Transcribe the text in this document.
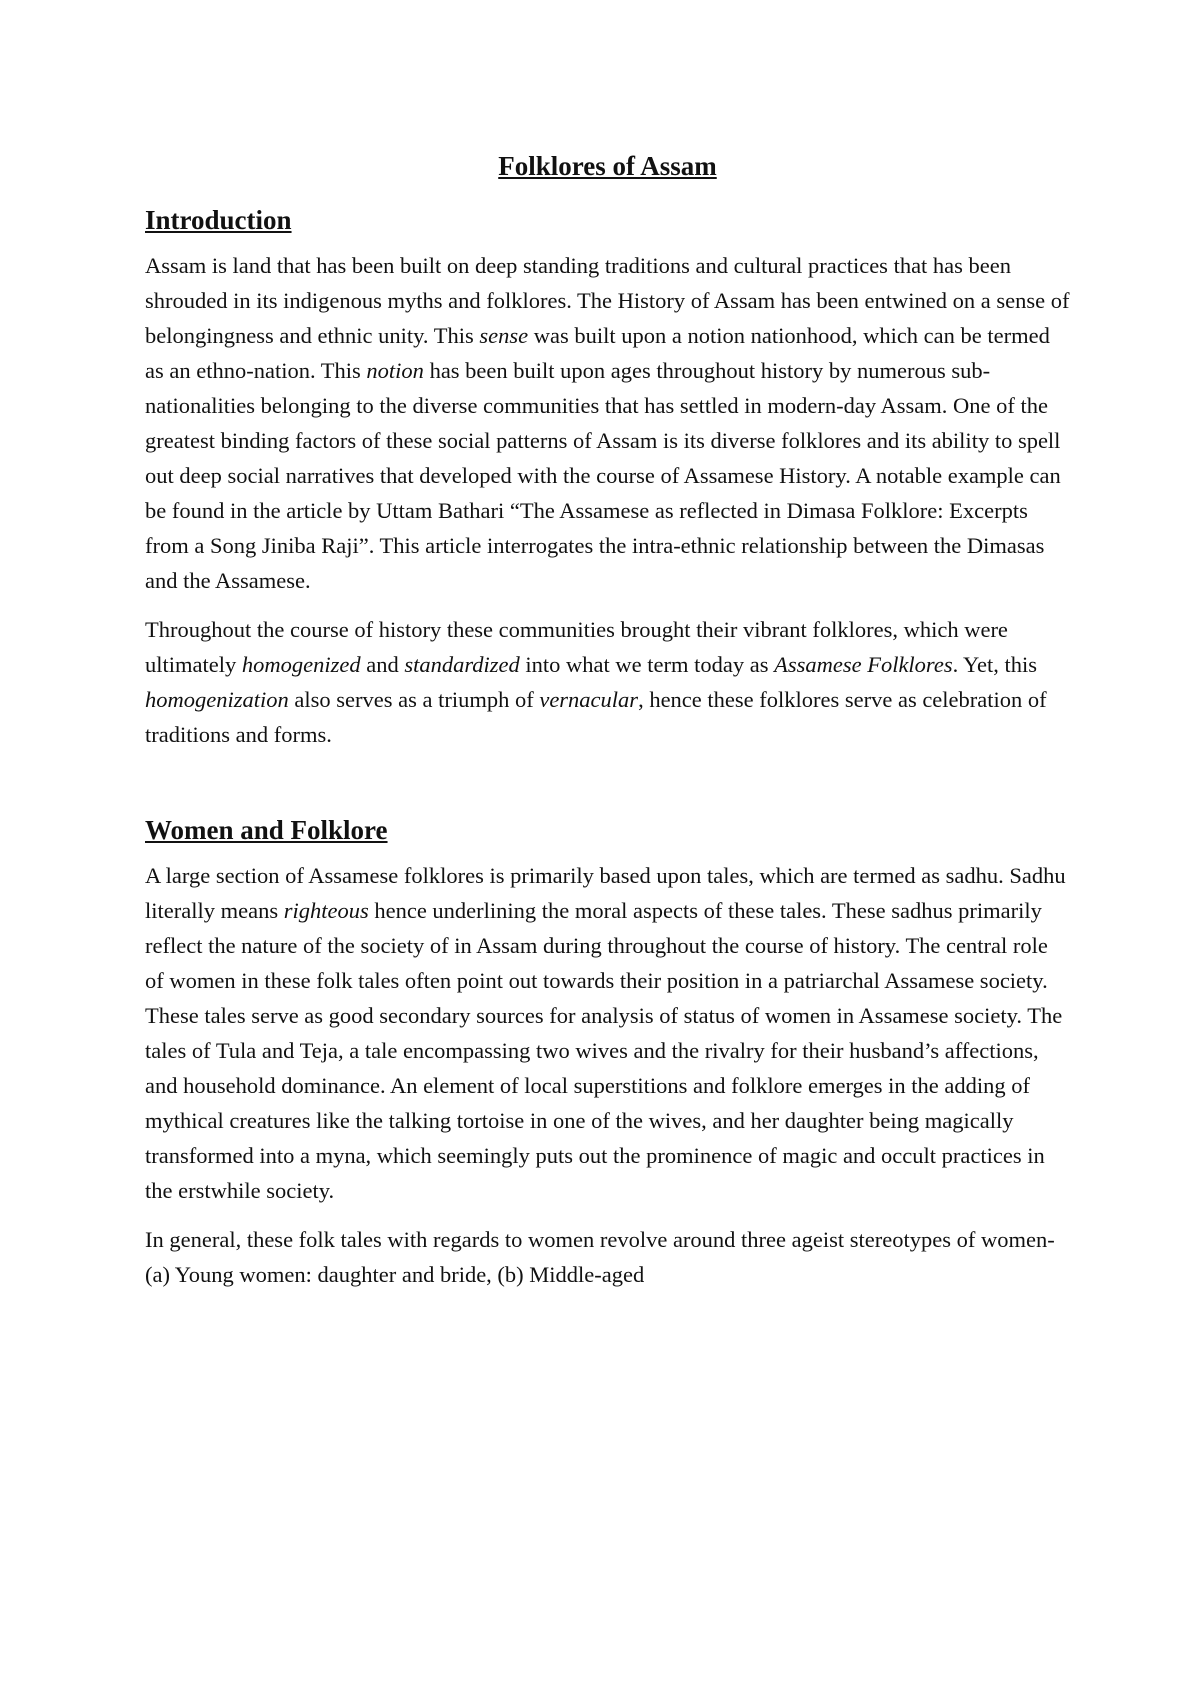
Folklores of Assam
Introduction

Assam is land that has been built on deep standing traditions and cultural practices that has been shrouded in its indigenous myths and folklores. The History of Assam has been entwined on a sense of belongingness and ethnic unity. This sense was built upon a notion nationhood, which can be termed as an ethno-nation. This notion has been built upon ages throughout history by numerous sub-nationalities belonging to the diverse communities that has settled in modern-day Assam. One of the greatest binding factors of these social patterns of Assam is its diverse folklores and its ability to spell out deep social narratives that developed with the course of Assamese History. A notable example can be found in the article by Uttam Bathari “The Assamese as reflected in Dimasa Folklore: Excerpts from a Song Jiniba Raji”. This article interrogates the intra-ethnic relationship between the Dimasas and the Assamese.

Throughout the course of history these communities brought their vibrant folklores, which were ultimately homogenized and standardized into what we term today as Assamese Folklores. Yet, this homogenization also serves as a triumph of vernacular, hence these folklores serve as celebration of traditions and forms.

Women and Folklore

A large section of Assamese folklores is primarily based upon tales, which are termed as sadhu. Sadhu literally means righteous hence underlining the moral aspects of these tales. These sadhus primarily reflect the nature of the society of in Assam during throughout the course of history. The central role of women in these folk tales often point out towards their position in a patriarchal Assamese society. These tales serve as good secondary sources for analysis of status of women in Assamese society. The tales of Tula and Teja, a tale encompassing two wives and the rivalry for their husband’s affections, and household dominance. An element of local superstitions and folklore emerges in the adding of mythical creatures like the talking tortoise in one of the wives, and her daughter being magically transformed into a myna, which seemingly puts out the prominence of magic and occult practices in the erstwhile society.

In general, these folk tales with regards to women revolve around three ageist stereotypes of women-(a) Young women: daughter and bride, (b) Middle-aged
